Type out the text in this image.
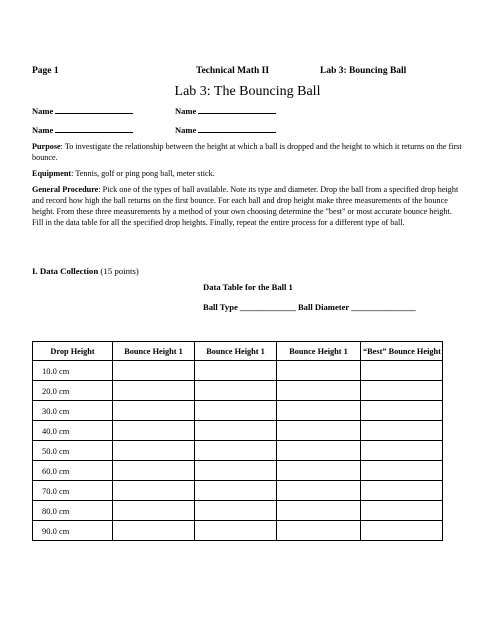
Page 1	Technical Math II	Lab 3: Bouncing Ball
Lab 3: The Bouncing Ball
Name	Name
Name	Name
Purpose: To investigate the relationship between the height at which a ball is dropped and the height to which it returns on the first bounce.
Equipment: Tennis, golf or ping pong ball, meter stick.
General Procedure: Pick one of the types of ball available. Note its type and diameter. Drop the ball from a specified drop height and record how high the ball returns on the first bounce. For each ball and drop height make three measurements of the bounce height. From these three measurements by a method of your own choosing determine the "best" or most accurate bounce height. Fill in the data table for all the specified drop heights. Finally, repeat the entire process for a different type of ball.
I. Data Collection (15 points)
Data Table for the Ball 1
Ball Type _____________ Ball Diameter _______________
Drop Height	Bounce Height 1	Bounce Height 1	Bounce Height 1	“Best” Bounce Height
10.0 cm				
20.0 cm				
30.0 cm				
40.0 cm				
50.0 cm				
60.0 cm				
70.0 cm				
80.0 cm				
90.0 cm				
